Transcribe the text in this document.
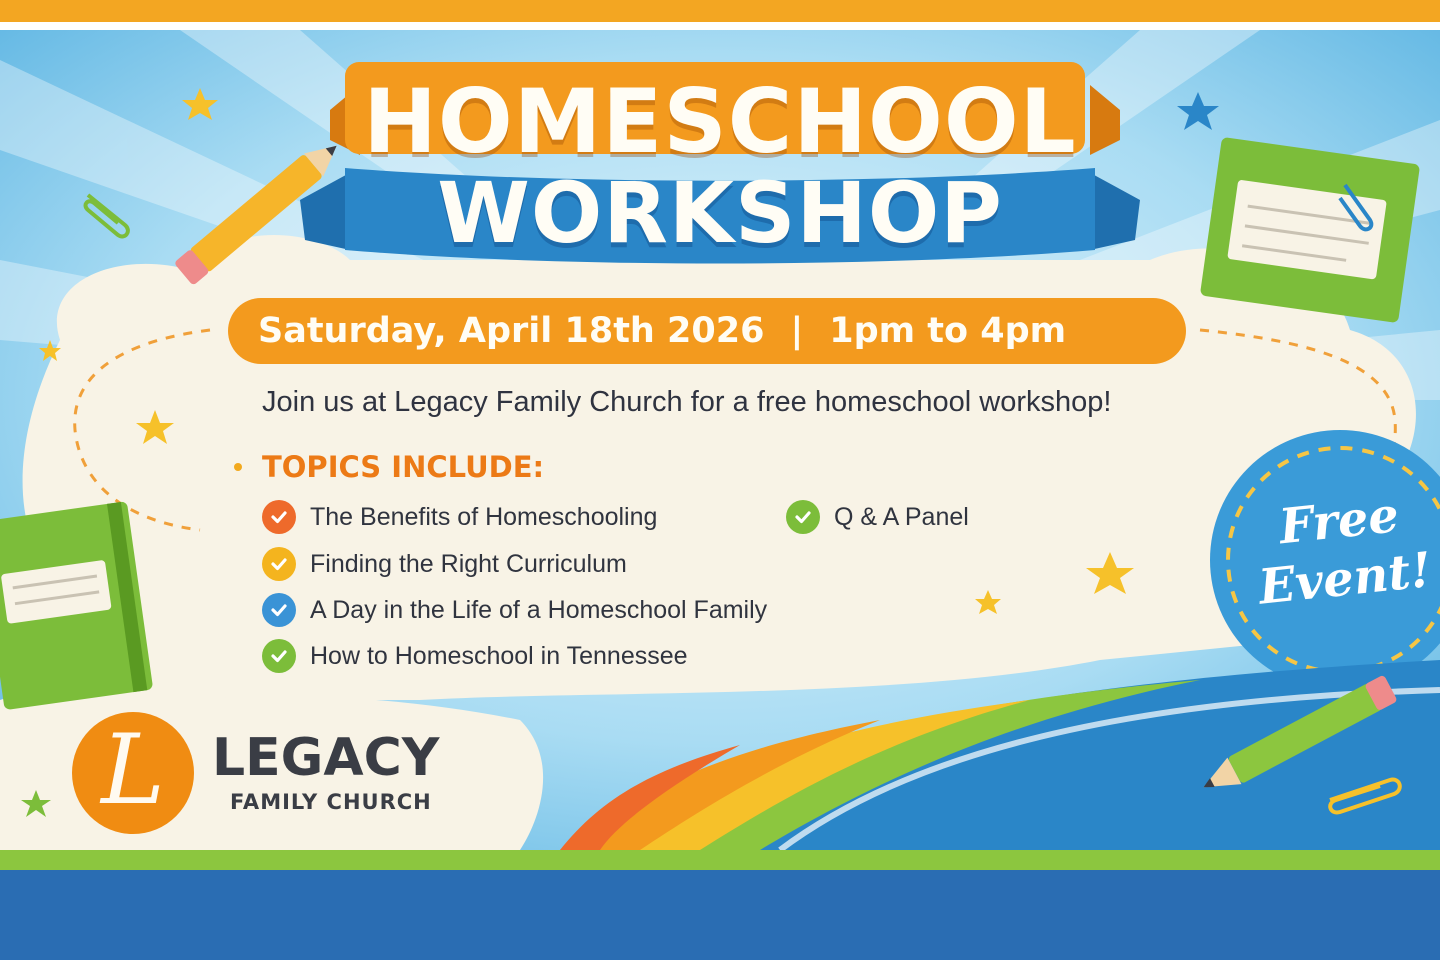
HOMESCHOOL
WORKSHOP
Saturday, April 18th 2026 | 1pm to 4pm
Join us at Legacy Family Church for a free homeschool workshop!
TOPICS INCLUDE:
The Benefits of Homeschooling
Finding the Right Curriculum
A Day in the Life of a Homeschool Family
How to Homeschool in Tennessee
Q & A Panel	Free
Event!
L LEGACY
FAMILY CHURCH
